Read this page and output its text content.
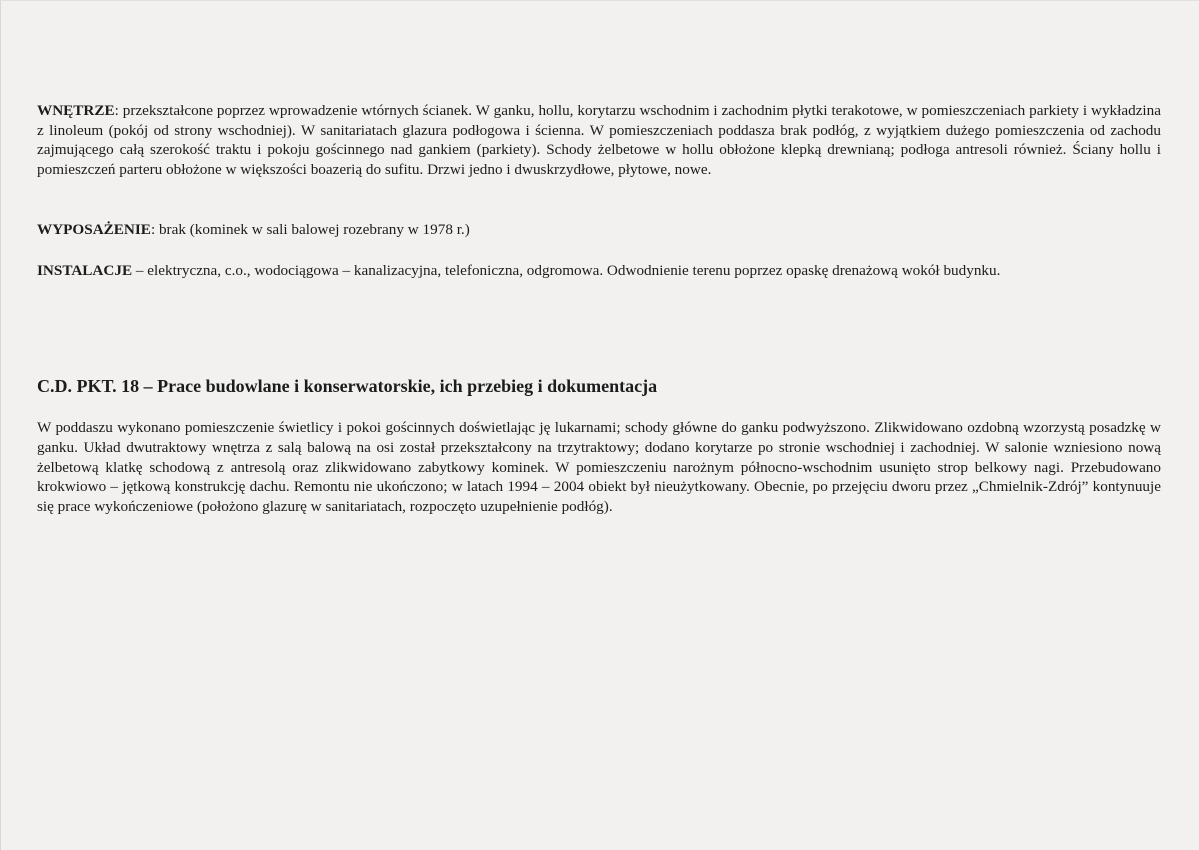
WNĘTRZE: przekształcone poprzez wprowadzenie wtórnych ścianek. W ganku, hollu, korytarzu wschodnim i zachodnim płytki terakotowe, w pomieszczeniach parkiety i wykładzina z linoleum (pokój od strony wschodniej). W sanitariatach glazura podłogowa i ścienna. W pomieszczeniach poddasza brak podłóg, z wyjątkiem dużego pomieszczenia od zachodu zajmującego całą szerokość traktu i pokoju gościnnego nad gankiem (parkiety). Schody żelbetowe w hollu obłożone klepką drewnianą; podłoga antresoli również. Ściany hollu i pomieszczeń parteru obłożone w większości boazerią do sufitu. Drzwi jedno i dwuskrzydłowe, płytowe, nowe.

WYPOSAŻENIE: brak (kominek w sali balowej rozebrany w 1978 r.)

INSTALACJE – elektryczna, c.o., wodociągowa – kanalizacyjna, telefoniczna, odgromowa. Odwodnienie terenu poprzez opaskę drenażową wokół budynku.

C.D. PKT. 18 – Prace budowlane i konserwatorskie, ich przebieg i dokumentacja

W poddaszu wykonano pomieszczenie świetlicy i pokoi gościnnych doświetlając ję lukarnami; schody główne do ganku podwyższono. Zlikwidowano ozdobną wzorzystą posadzkę w ganku. Układ dwutraktowy wnętrza z salą balową na osi został przekształcony na trzytraktowy; dodano korytarze po stronie wschodniej i zachodniej. W salonie wzniesiono nową żelbetową klatkę schodową z antresolą oraz zlikwidowano zabytkowy kominek. W pomieszczeniu narożnym północno-wschodnim usunięto strop belkowy nagi. Przebudowano krokwiowo – jętkową konstrukcję dachu. Remontu nie ukończono; w latach 1994 – 2004 obiekt był nieużytkowany. Obecnie, po przejęciu dworu przez „Chmielnik-Zdrój” kontynuuje się prace wykończeniowe (położono glazurę w sanitariatach, rozpoczęto uzupełnienie podłóg).
